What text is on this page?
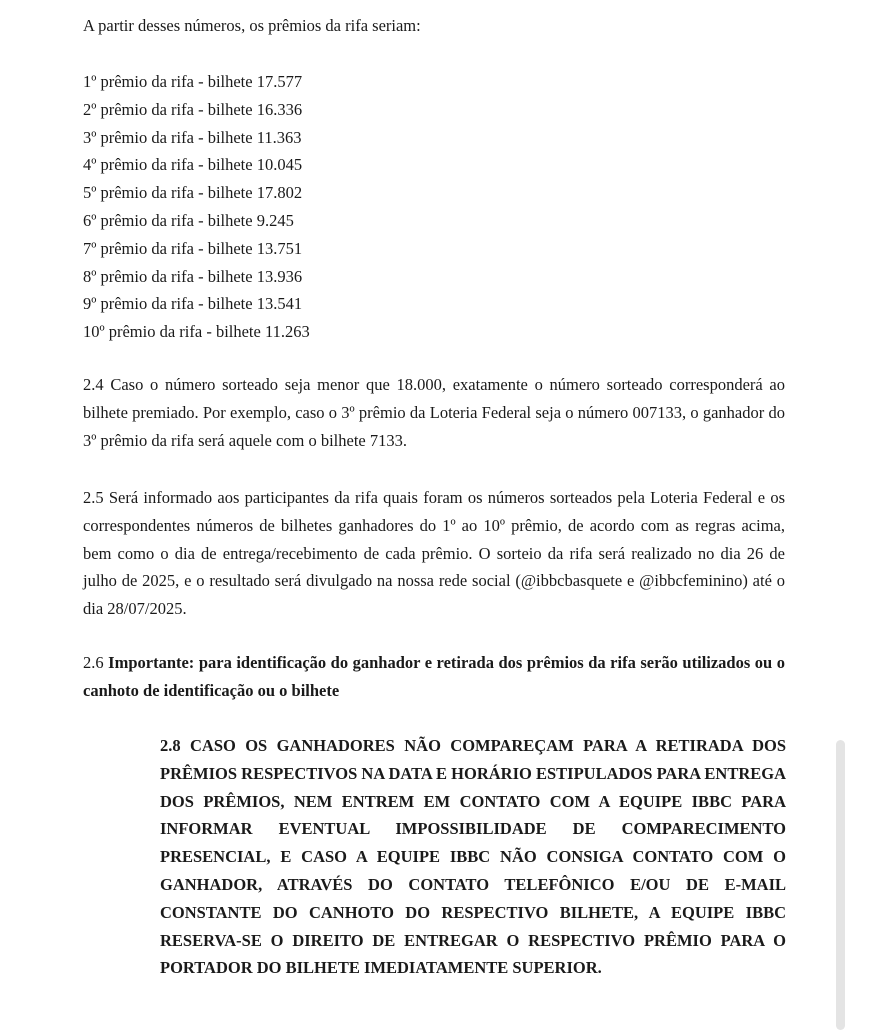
A partir desses números, os prêmios da rifa seriam:

1º prêmio da rifa - bilhete 17.577
2º prêmio da rifa - bilhete 16.336
3º prêmio da rifa - bilhete 11.363
4º prêmio da rifa - bilhete 10.045
5º prêmio da rifa - bilhete 17.802
6º prêmio da rifa - bilhete 9.245
7º prêmio da rifa - bilhete 13.751
8º prêmio da rifa - bilhete 13.936
9º prêmio da rifa - bilhete 13.541
10º prêmio da rifa - bilhete 11.263

2.4 Caso o número sorteado seja menor que 18.000, exatamente o número sorteado corresponderá ao bilhete premiado. Por exemplo, caso o 3º prêmio da Loteria Federal seja o número 007133, o ganhador do 3º prêmio da rifa será aquele com o bilhete 7133.

2.5 Será informado aos participantes da rifa quais foram os números sorteados pela Loteria Federal e os correspondentes números de bilhetes ganhadores do 1º ao 10º prêmio, de acordo com as regras acima, bem como o dia de entrega/recebimento de cada prêmio. O sorteio da rifa será realizado no dia 26 de julho de 2025, e o resultado será divulgado na nossa rede social (@ibbcbasquete e @ibbcfeminino) até o dia 28/07/2025.

2.6 Importante: para identificação do ganhador e retirada dos prêmios da rifa serão utilizados ou o canhoto de identificação ou o bilhete

2.8 CASO OS GANHADORES NÃO COMPAREÇAM PARA A RETIRADA DOS PRÊMIOS RESPECTIVOS NA DATA E HORÁRIO ESTIPULADOS PARA ENTREGA DOS PRÊMIOS, NEM ENTREM EM CONTATO COM A EQUIPE IBBC PARA INFORMAR EVENTUAL IMPOSSIBILIDADE DE COMPARECIMENTO PRESENCIAL, E CASO A EQUIPE IBBC NÃO CONSIGA CONTATO COM O GANHADOR, ATRAVÉS DO CONTATO TELEFÔNICO E/OU DE E-MAIL CONSTANTE DO CANHOTO DO RESPECTIVO BILHETE, A EQUIPE IBBC RESERVA-SE O DIREITO DE ENTREGAR O RESPECTIVO PRÊMIO PARA O PORTADOR DO BILHETE IMEDIATAMENTE SUPERIOR.
